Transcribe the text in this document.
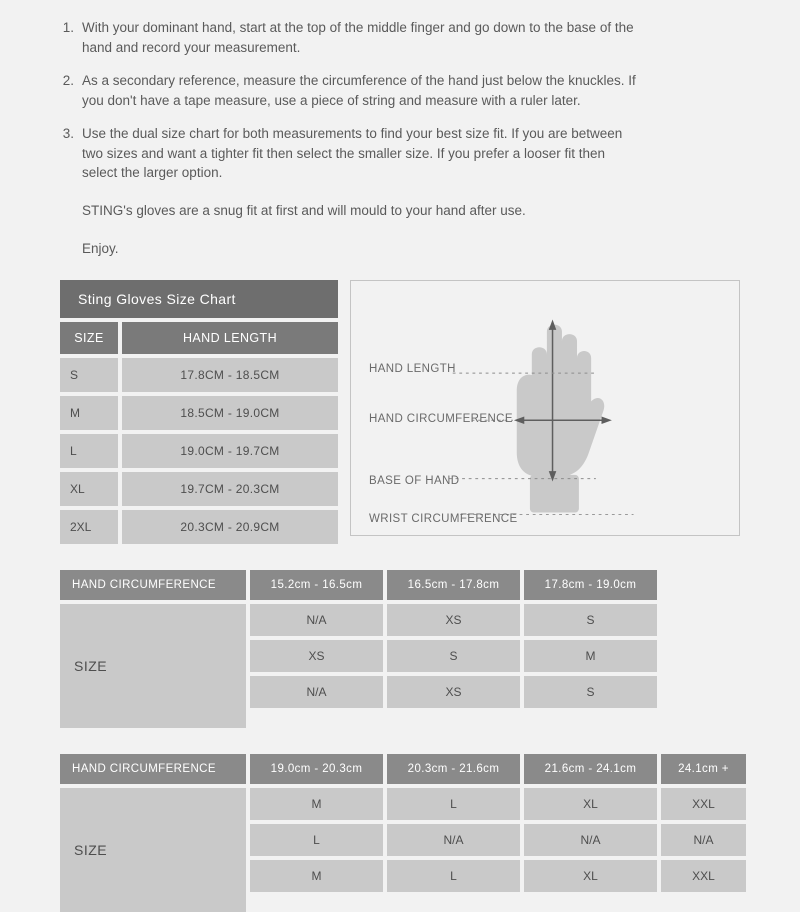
1. With your dominant hand, start at the top of the middle finger and go down to the base of the hand and record your measurement.
2. As a secondary reference, measure the circumference of the hand just below the knuckles. If you don't have a tape measure, use a piece of string and measure with a ruler later.
3. Use the dual size chart for both measurements to find your best size fit. If you are between two sizes and want a tighter fit then select the smaller size. If you prefer a looser fit then select the larger option.
STING's gloves are a snug fit at first and will mould to your hand after use.
Enjoy.
Sting Gloves Size Chart
SIZE	HAND LENGTH
S	17.8CM - 18.5CM
M	18.5CM - 19.0CM
L	19.0CM - 19.7CM
XL	19.7CM - 20.3CM
2XL	20.3CM - 20.9CM
HAND LENGTH
HAND CIRCUMFERENCE
BASE OF HAND
WRIST CIRCUMFERENCE
HAND CIRCUMFERENCE	15.2cm - 16.5cm	16.5cm - 17.8cm	17.8cm - 19.0cm
SIZE
N/A	XS	S
XS	S	M
N/A	XS	S
HAND CIRCUMFERENCE	19.0cm - 20.3cm	20.3cm - 21.6cm	21.6cm - 24.1cm	24.1cm +
SIZE
M	L	XL	XXL
L	N/A	N/A	N/A
M	L	XL	XXL
